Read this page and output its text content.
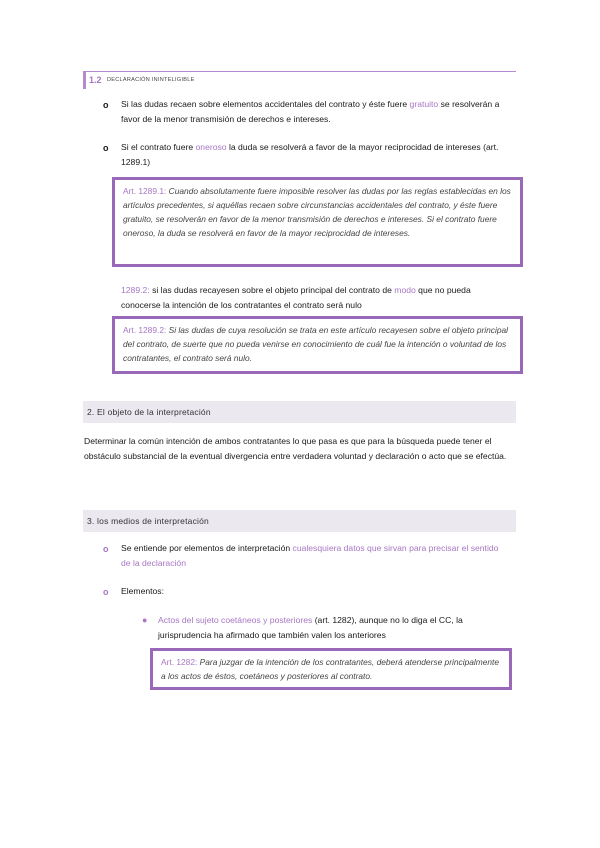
1.2 DECLARACIÓN ININTELIGIBLE
o Si las dudas recaen sobre elementos accidentales del contrato y éste fuere gratuito se resolverán a favor de la menor transmisión de derechos e intereses.
o Si el contrato fuere oneroso la duda se resolverá a favor de la mayor reciprocidad de intereses (art. 1289.1)
Art. 1289.1: Cuando absolutamente fuere imposible resolver las dudas por las reglas establecidas en los artículos precedentes, si aquéllas recaen sobre circunstancias accidentales del contrato, y éste fuere gratuito, se resolverán en favor de la menor transmisión de derechos e intereses. Si el contrato fuere oneroso, la duda se resolverá en favor de la mayor reciprocidad de intereses.
1289.2: si las dudas recayesen sobre el objeto principal del contrato de modo que no pueda conocerse la intención de los contratantes el contrato será nulo
Art. 1289.2: Si las dudas de cuya resolución se trata en este artículo recayesen sobre el objeto principal del contrato, de suerte que no pueda venirse en conocimiento de cuál fue la intención o voluntad de los contratantes, el contrato será nulo.
2. El objeto de la interpretación
Determinar la común intención de ambos contratantes lo que pasa es que para la búsqueda puede tener el obstáculo substancial de la eventual divergencia entre verdadera voluntad y declaración o acto que se efectúa.
3. los medios de interpretación
o Se entiende por elementos de interpretación cualesquiera datos que sirvan para precisar el sentido de la declaración
o Elementos:
● Actos del sujeto coetáneos y posteriores (art. 1282), aunque no lo diga el CC, la jurisprudencia ha afirmado que también valen los anteriores
Art. 1282: Para juzgar de la intención de los contratantes, deberá atenderse principalmente a los actos de éstos, coetáneos y posteriores al contrato.
